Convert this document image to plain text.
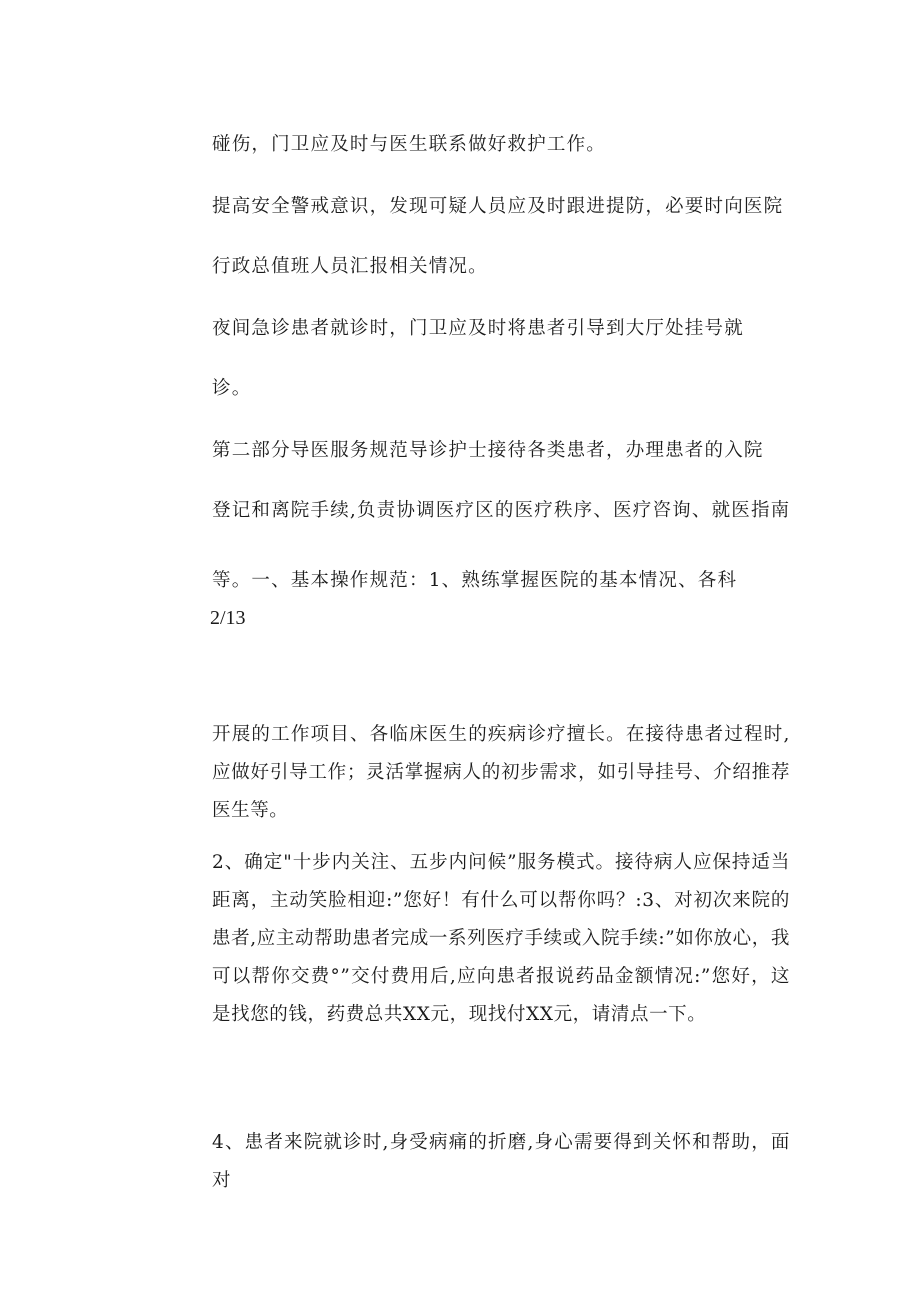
碰伤，门卫应及时与医生联系做好救护工作。
提高安全警戒意识，发现可疑人员应及时跟进提防，必要时向医院
行政总值班人员汇报相关情况。
夜间急诊患者就诊时，门卫应及时将患者引导到大厅处挂号就
诊。
第二部分导医服务规范导诊护士接待各类患者，办理患者的入院
登记和离院手续,负责协调医疗区的医疗秩序、医疗咨询、就医指南
等。一、基本操作规范：1、熟练掌握医院的基本情况、各科
2/13

开展的工作项目、各临床医生的疾病诊疗擅长。在接待患者过程时,应做好引导工作；灵活掌握病人的初步需求，如引导挂号、介绍推荐医生等。

2、确定"十步内关注、五步内问候”服务模式。接待病人应保持适当距离，主动笑脸相迎:”您好！有什么可以帮你吗？:3、对初次来院的患者,应主动帮助患者完成一系列医疗手续或入院手续:”如你放心，我可以帮你交费°”交付费用后,应向患者报说药品金额情况:”您好，这是找您的钱，药费总共XX元，现找付XX元，请清点一下。

4、患者来院就诊时,身受病痛的折磨,身心需要得到关怀和帮助，面对
